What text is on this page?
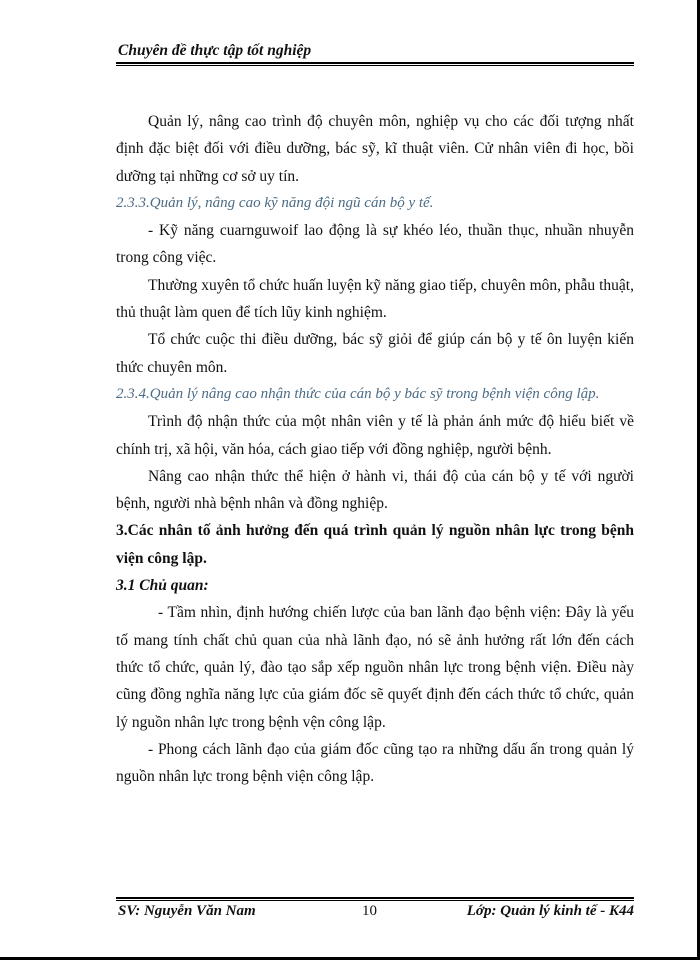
Chuyên đề thực tập tốt nghiệp

Quản lý, nâng cao trình độ chuyên môn, nghiệp vụ cho các đối tượng nhất định đặc biệt đối với điều dưỡng, bác sỹ, kĩ thuật viên. Cử nhân viên đi học, bồi dưỡng tại những cơ sở uy tín.

2.3.3.Quản lý, nâng cao kỹ năng đội ngũ cán bộ y tế.

- Kỹ năng cuarnguwoif lao động là sự khéo léo, thuần thục, nhuần nhuyễn trong công việc.

Thường xuyên tổ chức huấn luyện kỹ năng giao tiếp, chuyên môn, phẫu thuật, thủ thuật làm quen để tích lũy kinh nghiệm.

Tổ chức cuộc thi điều dưỡng, bác sỹ giỏi để giúp cán bộ y tế ôn luyện kiến thức chuyên môn.

2.3.4.Quản lý nâng cao nhận thức của cán bộ y bác sỹ trong bệnh viện công lập.

Trình độ nhận thức của một nhân viên y tế là phản ánh mức độ hiểu biết về chính trị, xã hội, văn hóa, cách giao tiếp với đồng nghiệp, người bệnh.

Nâng cao nhận thức thể hiện ở hành vi, thái độ của cán bộ y tế với người bệnh, người nhà bệnh nhân và đồng nghiệp.

3.Các nhân tố ảnh hưởng đến quá trình quản lý nguồn nhân lực trong bệnh viện công lập.

3.1 Chủ quan:

- Tầm nhìn, định hướng chiến lược của ban lãnh đạo bệnh viện: Đây là yếu tố mang tính chất chủ quan của nhà lãnh đạo, nó sẽ ảnh hưởng rất lớn đến cách thức tổ chức, quản lý, đào tạo sắp xếp nguồn nhân lực trong bệnh viện. Điều này cũng đồng nghĩa năng lực của giám đốc sẽ quyết định đến cách thức tổ chức, quản lý nguồn nhân lực trong bệnh vện công lập.

- Phong cách lãnh đạo của giám đốc cũng tạo ra những dấu ấn trong quản lý nguồn nhân lực trong bệnh viện công lập.

SV: Nguyễn Văn Nam	10	Lớp: Quản lý kinh tế - K44
